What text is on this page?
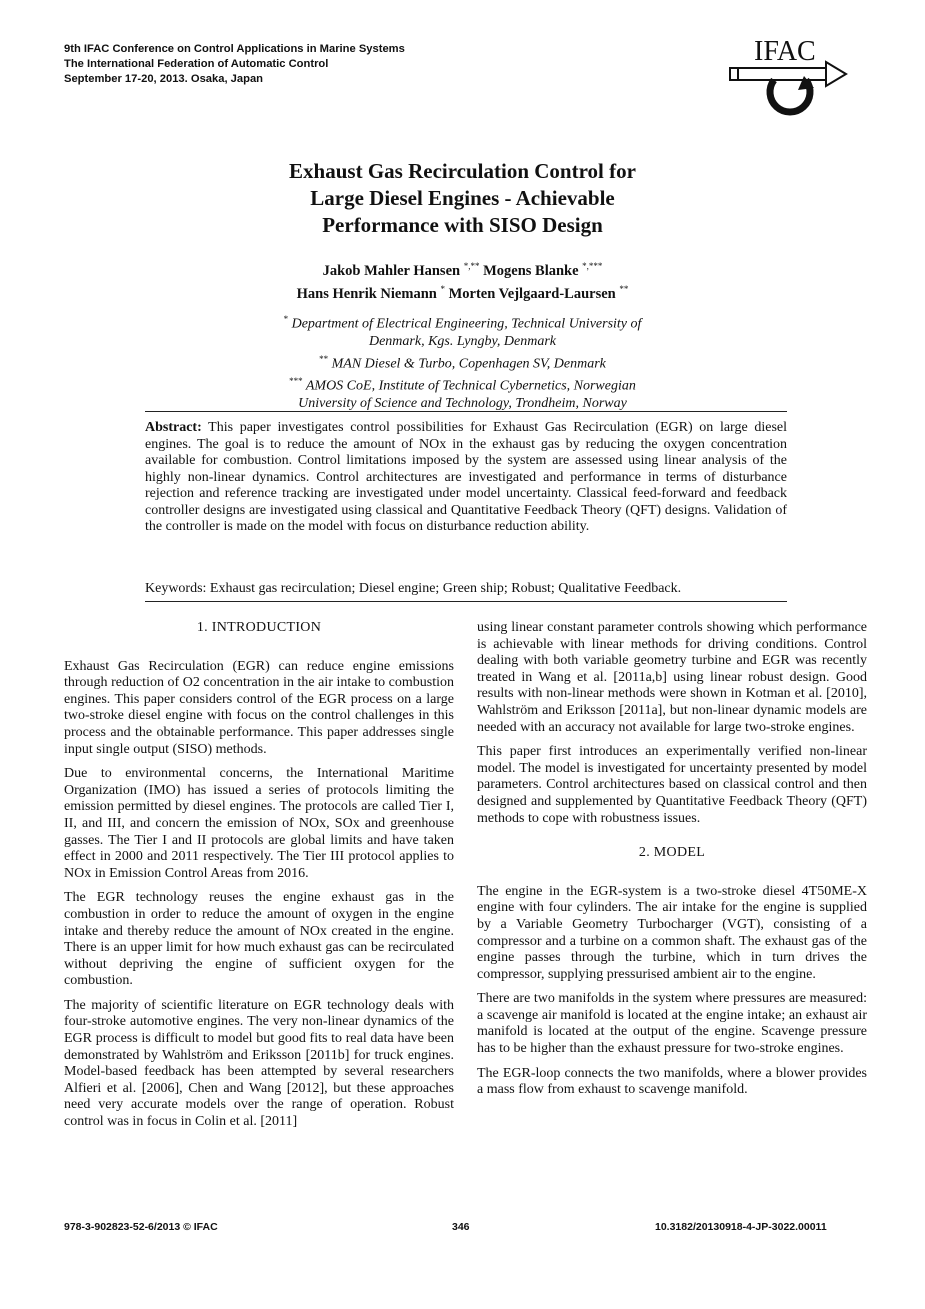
9th IFAC Conference on Control Applications in Marine Systems
The International Federation of Automatic Control
September 17-20, 2013. Osaka, Japan
IFAC
Exhaust Gas Recirculation Control for
Large Diesel Engines - Achievable
Performance with SISO Design
Jakob Mahler Hansen *,** Mogens Blanke *,***
Hans Henrik Niemann * Morten Vejlgaard-Laursen **
* Department of Electrical Engineering, Technical University of
Denmark, Kgs. Lyngby, Denmark
** MAN Diesel & Turbo, Copenhagen SV, Denmark
*** AMOS CoE, Institute of Technical Cybernetics, Norwegian
University of Science and Technology, Trondheim, Norway
Abstract: This paper investigates control possibilities for Exhaust Gas Recirculation (EGR) on large diesel engines. The goal is to reduce the amount of NOx in the exhaust gas by reducing the oxygen concentration available for combustion. Control limitations imposed by the system are assessed using linear analysis of the highly non-linear dynamics. Control architectures are investigated and performance in terms of disturbance rejection and reference tracking are investigated under model uncertainty. Classical feed-forward and feedback controller designs are investigated using classical and Quantitative Feedback Theory (QFT) designs. Validation of the controller is made on the model with focus on disturbance reduction ability.
Keywords: Exhaust gas recirculation; Diesel engine; Green ship; Robust; Qualitative Feedback.
1. INTRODUCTION

Exhaust Gas Recirculation (EGR) can reduce engine emissions through reduction of O2 concentration in the air intake to combustion engines. This paper considers control of the EGR process on a large two-stroke diesel engine with focus on the control challenges in this process and the obtainable performance. This paper addresses single input single output (SISO) methods.

Due to environmental concerns, the International Maritime Organization (IMO) has issued a series of protocols limiting the emission permitted by diesel engines. The protocols are called Tier I, II, and III, and concern the emission of NOx, SOx and greenhouse gasses. The Tier I and II protocols are global limits and have taken effect in 2000 and 2011 respectively. The Tier III protocol applies to NOx in Emission Control Areas from 2016.

The EGR technology reuses the engine exhaust gas in the combustion in order to reduce the amount of oxygen in the engine intake and thereby reduce the amount of NOx created in the engine. There is an upper limit for how much exhaust gas can be recirculated without depriving the engine of sufficient oxygen for the combustion.

The majority of scientific literature on EGR technology deals with four-stroke automotive engines. The very non-linear dynamics of the EGR process is difficult to model but good fits to real data have been demonstrated by Wahlström and Eriksson [2011b] for truck engines. Model-based feedback has been attempted by several researchers Alfieri et al. [2006], Chen and Wang [2012], but these approaches need very accurate models over the range of operation. Robust control was in focus in Colin et al. [2011]

using linear constant parameter controls showing which performance is achievable with linear methods for driving conditions. Control dealing with both variable geometry turbine and EGR was recently treated in Wang et al. [2011a,b] using linear robust design. Good results with non-linear methods were shown in Kotman et al. [2010], Wahlström and Eriksson [2011a], but non-linear dynamic models are needed with an accuracy not available for large two-stroke engines.

This paper first introduces an experimentally verified non-linear model. The model is investigated for uncertainty presented by model parameters. Control architectures based on classical control and then designed and supplemented by Quantitative Feedback Theory (QFT) methods to cope with robustness issues.

2. MODEL

The engine in the EGR-system is a two-stroke diesel 4T50ME-X engine with four cylinders. The air intake for the engine is supplied by a Variable Geometry Turbocharger (VGT), consisting of a compressor and a turbine on a common shaft. The exhaust gas of the engine passes through the turbine, which in turn drives the compressor, supplying pressurised ambient air to the engine.

There are two manifolds in the system where pressures are measured: a scavenge air manifold is located at the engine intake; an exhaust air manifold is located at the output of the engine. Scavenge pressure has to be higher than the exhaust pressure for two-stroke engines.

The EGR-loop connects the two manifolds, where a blower provides a mass flow from exhaust to scavenge manifold.

978-3-902823-52-6/2013 © IFAC	346	10.3182/20130918-4-JP-3022.00011
